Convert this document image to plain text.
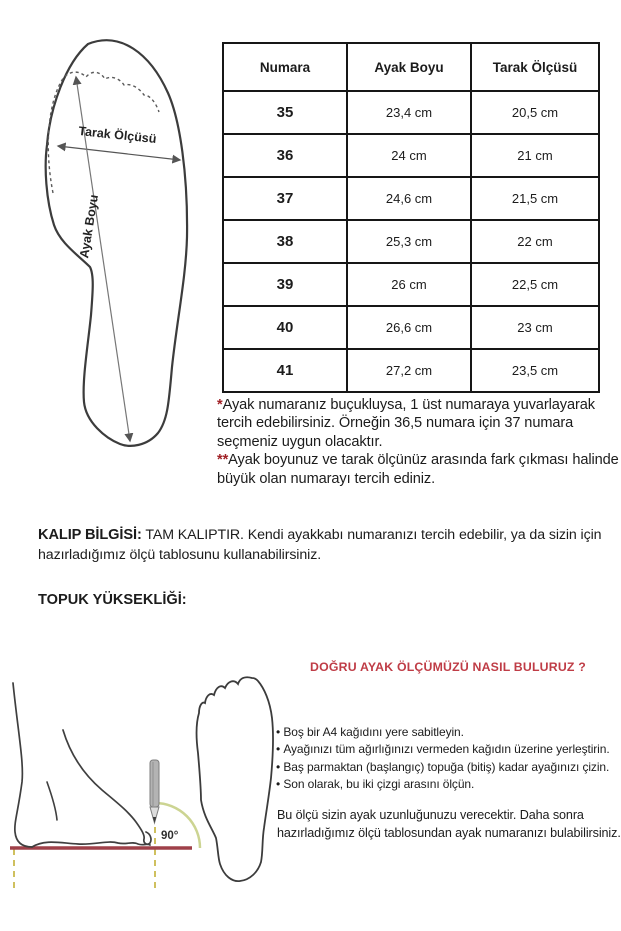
Tarak Ölçüsü
Ayak Boyu
Numara	Ayak Boyu	Tarak Ölçüsü
35	23,4 cm	20,5 cm
36	24 cm	21 cm
37	24,6 cm	21,5 cm
38	25,3 cm	22 cm
39	26 cm	22,5 cm
40	26,6 cm	23 cm
41	27,2 cm	23,5 cm

*Ayak numaranız buçukluysa, 1 üst numaraya yuvarlayarak tercih edebilirsiniz. Örneğin 36,5 numara için 37 numara seçmeniz uygun olacaktır.

**Ayak boyunuz ve tarak ölçünüz arasında fark çıkması halinde büyük olan numarayı tercih ediniz.

KALIP BİLGİSİ: TAM KALIPTIR. Kendi ayakkabı numaranızı tercih edebilir, ya da sizin için hazırladığımız ölçü tablosunu kullanabilirsiniz.

TOPUK YÜKSEKLİĞİ:

DOĞRU AYAK ÖLÇÜMÜZÜ NASIL BULURUZ ?
90°
• Boş bir A4 kağıdını yere sabitleyin.
• Ayağınızı tüm ağırlığınızı vermeden kağıdın üzerine yerleştirin.
• Baş parmaktan (başlangıç) topuğa (bitiş) kadar ayağınızı çizin.
• Son olarak, bu iki çizgi arasını ölçün.

Bu ölçü sizin ayak uzunluğunuzu verecektir. Daha sonra hazırladığımız ölçü tablosundan ayak numaranızı bulabilirsiniz.
